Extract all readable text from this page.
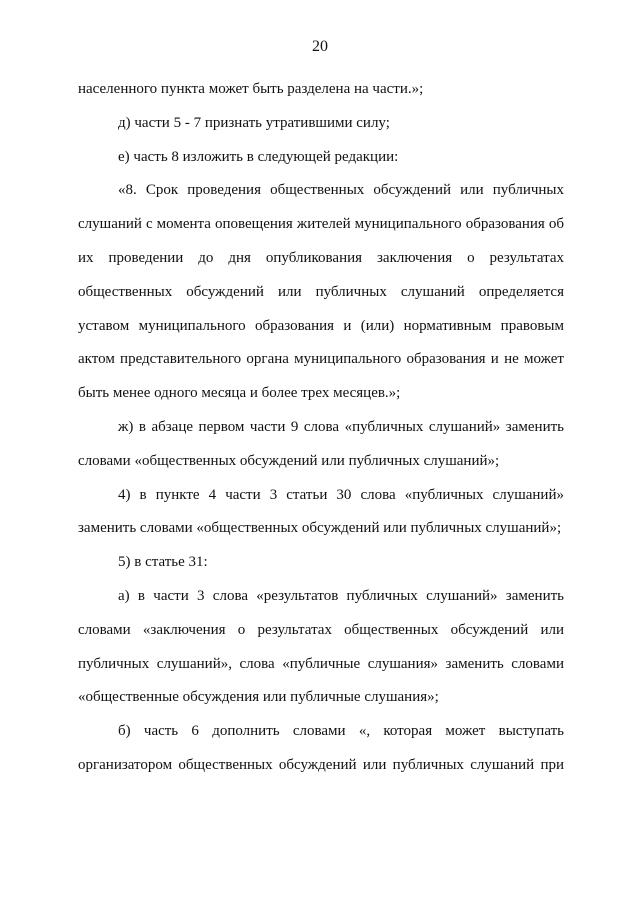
20
населенного пункта может быть разделена на части.»;
д) части 5 - 7 признать утратившими силу;
е) часть 8 изложить в следующей редакции:
«8. Срок проведения общественных обсуждений или публичных
слушаний с момента оповещения жителей муниципального образования об
их проведении до дня опубликования заключения о результатах
общественных обсуждений или публичных слушаний определяется
уставом муниципального образования и (или) нормативным правовым
актом представительного органа муниципального образования и не может
быть менее одного месяца и более трех месяцев.»;
ж) в абзаце первом части 9 слова «публичных слушаний» заменить
словами «общественных обсуждений или публичных слушаний»;
4) в пункте 4 части 3 статьи 30 слова «публичных слушаний»
заменить словами «общественных обсуждений или публичных слушаний»;
5) в статье 31:
а) в части 3 слова «результатов публичных слушаний» заменить
словами «заключения о результатах общественных обсуждений или
публичных слушаний», слова «публичные слушания» заменить словами
«общественные обсуждения или публичные слушания»;
б) часть 6 дополнить словами «, которая может выступать
организатором общественных обсуждений или публичных слушаний при
